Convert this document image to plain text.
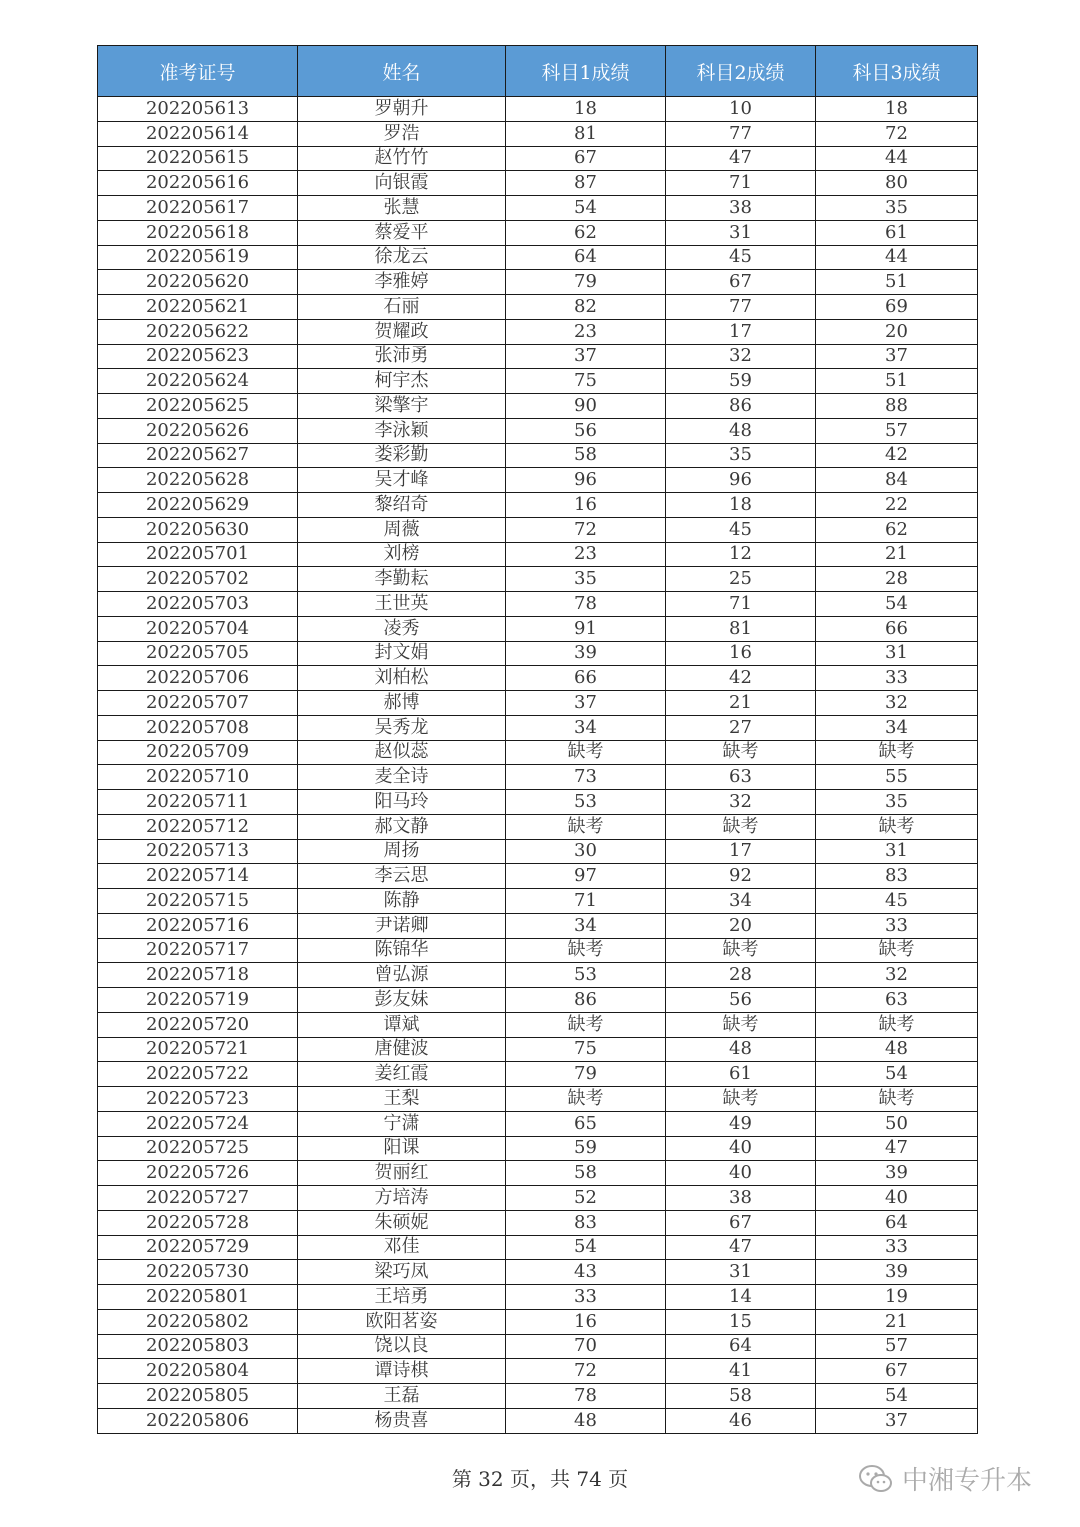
准考证号	姓名	科目1成绩	科目2成绩	科目3成绩
202205613	罗朝升	18	10	18
202205614	罗浩	81	77	72
202205615	赵竹竹	67	47	44
202205616	向银霞	87	71	80
202205617	张慧	54	38	35
202205618	蔡爱平	62	31	61
202205619	徐龙云	64	45	44
202205620	李雅婷	79	67	51
202205621	石丽	82	77	69
202205622	贺耀政	23	17	20
202205623	张沛勇	37	32	37
202205624	柯宇杰	75	59	51
202205625	梁擎宇	90	86	88
202205626	李泳颖	56	48	57
202205627	娄彩勤	58	35	42
202205628	吴才峰	96	96	84
202205629	黎绍奇	16	18	22
202205630	周薇	72	45	62
202205701	刘榜	23	12	21
202205702	李勤耘	35	25	28
202205703	王世英	78	71	54
202205704	凌秀	91	81	66
202205705	封文娟	39	16	31
202205706	刘柏松	66	42	33
202205707	郝博	37	21	32
202205708	吴秀龙	34	27	34
202205709	赵似蕊	缺考	缺考	缺考
202205710	麦全诗	73	63	55
202205711	阳马玲	53	32	35
202205712	郝文静	缺考	缺考	缺考
202205713	周扬	30	17	31
202205714	李云思	97	92	83
202205715	陈静	71	34	45
202205716	尹诺卿	34	20	33
202205717	陈锦华	缺考	缺考	缺考
202205718	曾弘源	53	28	32
202205719	彭友妹	86	56	63
202205720	谭斌	缺考	缺考	缺考
202205721	唐健波	75	48	48
202205722	姜红霞	79	61	54
202205723	王梨	缺考	缺考	缺考
202205724	宁潇	65	49	50
202205725	阳课	59	40	47
202205726	贺丽红	58	40	39
202205727	方培涛	52	38	40
202205728	朱硕妮	83	67	64
202205729	邓佳	54	47	33
202205730	梁巧凤	43	31	39
202205801	王培勇	33	14	19
202205802	欧阳茗姿	16	15	21
202205803	饶以良	70	64	57
202205804	谭诗棋	72	41	67
202205805	王磊	78	58	54
202205806	杨贵喜	48	46	37
第 32 页，共 74 页	中湘专升本
